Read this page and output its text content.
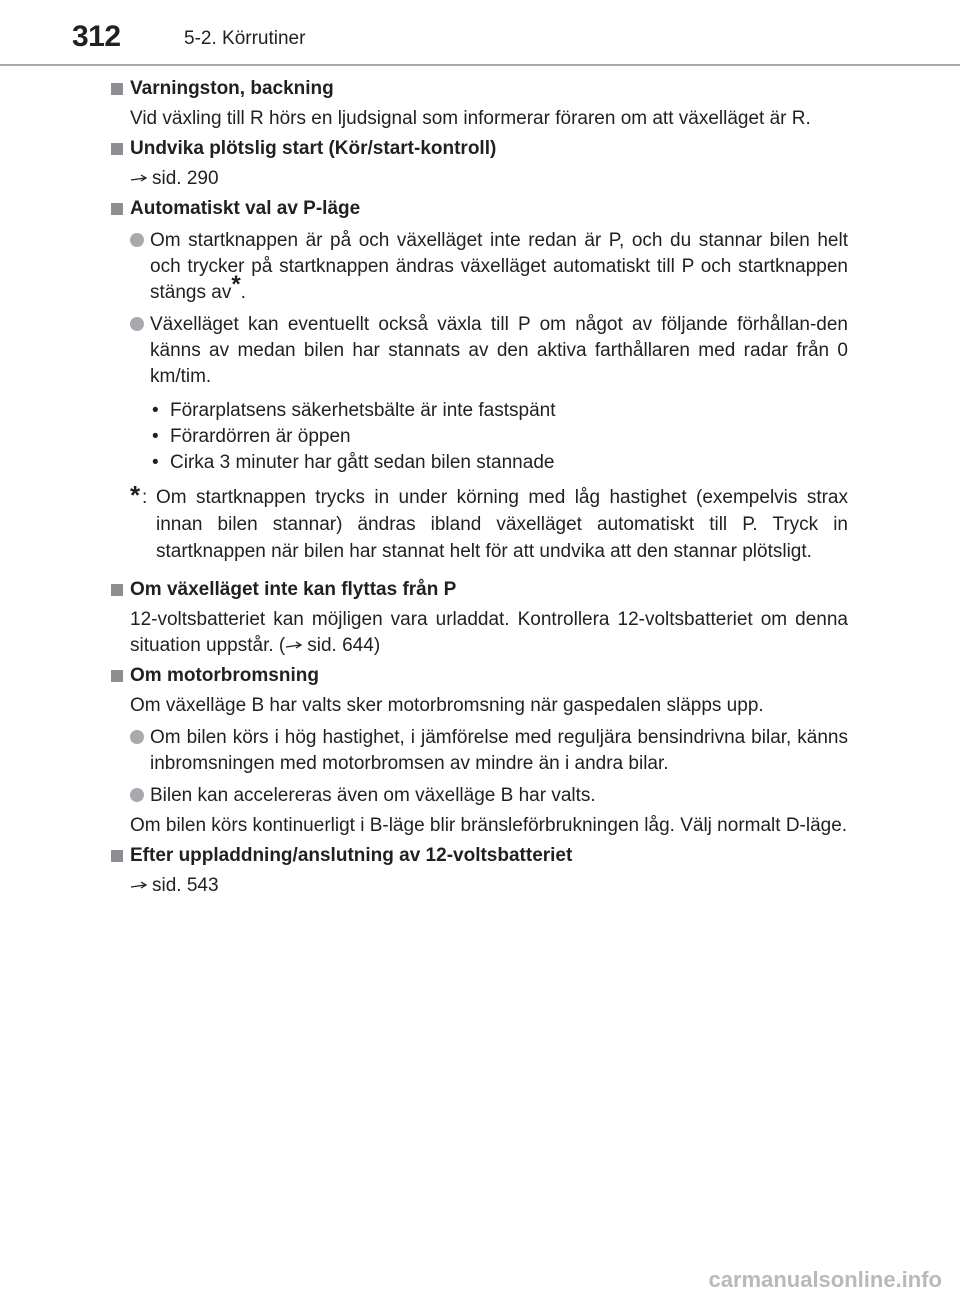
312	5-2. Körrutiner
Varningston, backning
Vid växling till R hörs en ljudsignal som informerar föraren om att växelläget är R.
Undvika plötslig start (Kör/start-kontroll)
sid. 290
Automatiskt val av P-läge
Om startknappen är på och växelläget inte redan är P, och du stannar bilen helt och trycker på startknappen ändras växelläget automatiskt till P och startknappen stängs av*.
Växelläget kan eventuellt också växla till P om något av följande förhållan-den känns av medan bilen har stannats av den aktiva farthållaren med radar från 0 km/tim.
• Förarplatsens säkerhetsbälte är inte fastspänt
• Förardörren är öppen
• Cirka 3 minuter har gått sedan bilen stannade
* : Om startknappen trycks in under körning med låg hastighet (exempelvis strax innan bilen stannar) ändras ibland växelläget automatiskt till P. Tryck in startknappen när bilen har stannat helt för att undvika att den stannar plötsligt.
Om växelläget inte kan flyttas från P
12-voltsbatteriet kan möjligen vara urladdat. Kontrollera 12-voltsbatteriet om denna situation uppstår. ( sid. 644)
Om motorbromsning
Om växelläge B har valts sker motorbromsning när gaspedalen släpps upp.
Om bilen körs i hög hastighet, i jämförelse med reguljära bensindrivna bilar, känns inbromsningen med motorbromsen av mindre än i andra bilar.
Bilen kan accelereras även om växelläge B har valts.
Om bilen körs kontinuerligt i B-läge blir bränsleförbrukningen låg. Välj normalt D-läge.
Efter uppladdning/anslutning av 12-voltsbatteriet
sid. 543
carmanualsonline.info
